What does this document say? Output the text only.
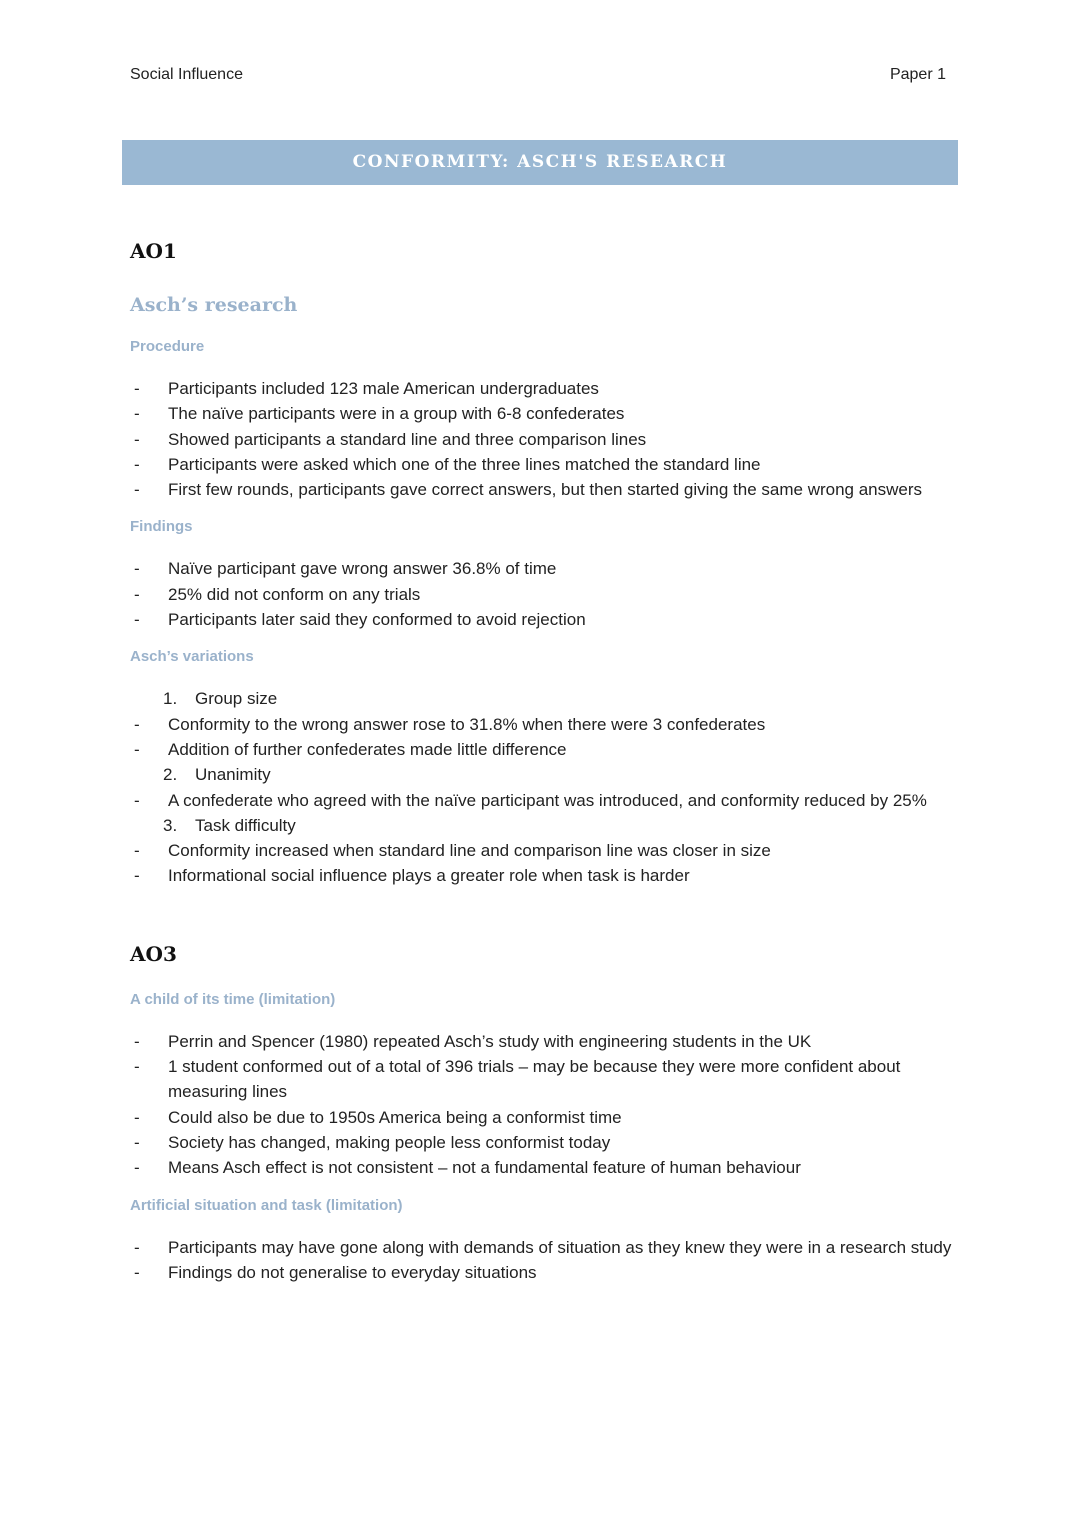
Social Influence	Paper 1
CONFORMITY: ASCH'S RESEARCH
AO1
Asch’s research
Procedure
- Participants included 123 male American undergraduates
- The naïve participants were in a group with 6-8 confederates
- Showed participants a standard line and three comparison lines
- Participants were asked which one of the three lines matched the standard line
- First few rounds, participants gave correct answers, but then started giving the same wrong answers
Findings
- Naïve participant gave wrong answer 36.8% of time
- 25% did not conform on any trials
- Participants later said they conformed to avoid rejection
Asch’s variations
1. Group size
- Conformity to the wrong answer rose to 31.8% when there were 3 confederates
- Addition of further confederates made little difference
2. Unanimity
- A confederate who agreed with the naïve participant was introduced, and conformity reduced by 25%
3. Task difficulty
- Conformity increased when standard line and comparison line was closer in size
- Informational social influence plays a greater role when task is harder
AO3
A child of its time (limitation)
- Perrin and Spencer (1980) repeated Asch’s study with engineering students in the UK
- 1 student conformed out of a total of 396 trials – may be because they were more confident about measuring lines
- Could also be due to 1950s America being a conformist time
- Society has changed, making people less conformist today
- Means Asch effect is not consistent – not a fundamental feature of human behaviour
Artificial situation and task (limitation)
- Participants may have gone along with demands of situation as they knew they were in a research study
- Findings do not generalise to everyday situations
